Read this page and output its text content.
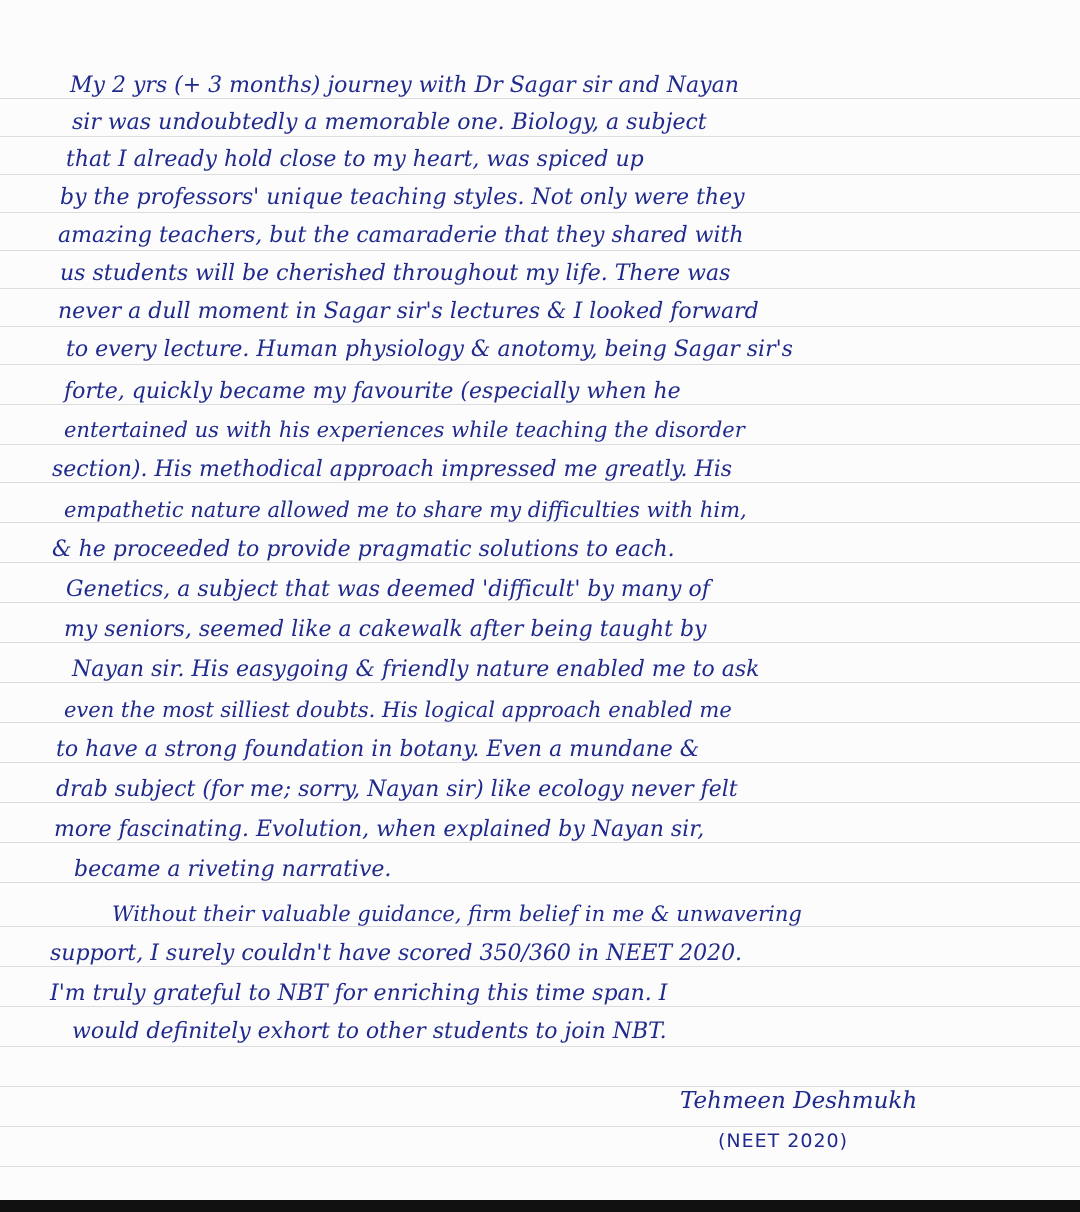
My 2 yrs (+ 3 months) journey with Dr Sagar sir and Nayan
sir was undoubtedly a memorable one. Biology, a subject
that I already hold close to my heart, was spiced up
by the professors' unique teaching styles. Not only were they
amazing teachers, but the camaraderie that they shared with
us students will be cherished throughout my life. There was
never a dull moment in Sagar sir's lectures & I looked forward
to every lecture. Human physiology & anotomy, being Sagar sir's
forte, quickly became my favourite (especially when he
entertained us with his experiences while teaching the disorder
section). His methodical approach impressed me greatly. His
empathetic nature allowed me to share my difficulties with him,
& he proceeded to provide pragmatic solutions to each.
Genetics, a subject that was deemed 'difficult' by many of
my seniors, seemed like a cakewalk after being taught by
Nayan sir. His easygoing & friendly nature enabled me to ask
even the most silliest doubts. His logical approach enabled me
to have a strong foundation in botany. Even a mundane &
drab subject (for me; sorry, Nayan sir) like ecology never felt
more fascinating. Evolution, when explained by Nayan sir,
became a riveting narrative.
Without their valuable guidance, firm belief in me & unwavering
support, I surely couldn't have scored 350/360 in NEET 2020.
I'm truly grateful to NBT for enriching this time span. I
would definitely exhort to other students to join NBT.
Tehmeen Deshmukh
(NEET 2020)
